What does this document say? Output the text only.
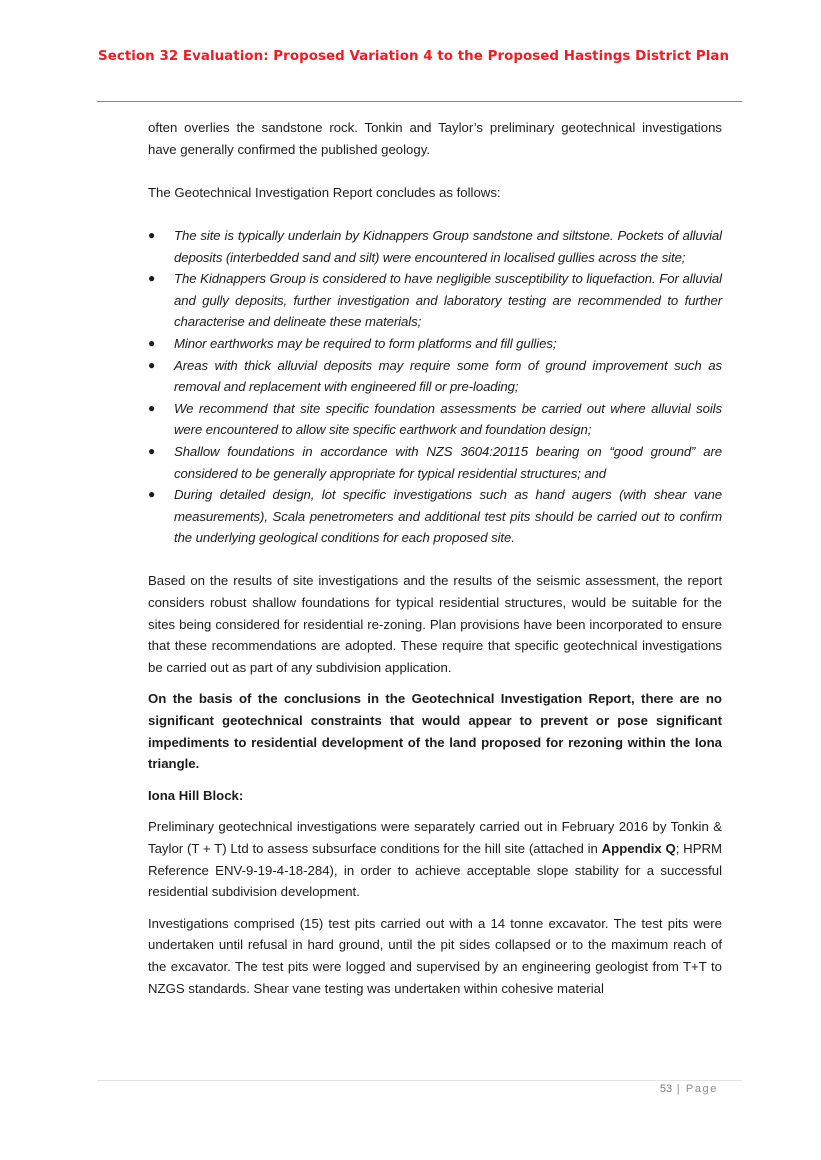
Section 32 Evaluation: Proposed Variation 4 to the Proposed Hastings District Plan

often overlies the sandstone rock. Tonkin and Taylor’s preliminary geotechnical investigations have generally confirmed the published geology.

The Geotechnical Investigation Report concludes as follows:

● The site is typically underlain by Kidnappers Group sandstone and siltstone. Pockets of alluvial deposits (interbedded sand and silt) were encountered in localised gullies across the site;
● The Kidnappers Group is considered to have negligible susceptibility to liquefaction. For alluvial and gully deposits, further investigation and laboratory testing are recommended to further characterise and delineate these materials;
● Minor earthworks may be required to form platforms and fill gullies;
● Areas with thick alluvial deposits may require some form of ground improvement such as removal and replacement with engineered fill or pre-loading;
● We recommend that site specific foundation assessments be carried out where alluvial soils were encountered to allow site specific earthwork and foundation design;
● Shallow foundations in accordance with NZS 3604:20115 bearing on “good ground” are considered to be generally appropriate for typical residential structures; and
● During detailed design, lot specific investigations such as hand augers (with shear vane measurements), Scala penetrometers and additional test pits should be carried out to confirm the underlying geological conditions for each proposed site.

Based on the results of site investigations and the results of the seismic assessment, the report considers robust shallow foundations for typical residential structures, would be suitable for the sites being considered for residential re-zoning. Plan provisions have been incorporated to ensure that these recommendations are adopted. These require that specific geotechnical investigations be carried out as part of any subdivision application.

On the basis of the conclusions in the Geotechnical Investigation Report, there are no significant geotechnical constraints that would appear to prevent or pose significant impediments to residential development of the land proposed for rezoning within the Iona triangle.

Iona Hill Block:

Preliminary geotechnical investigations were separately carried out in February 2016 by Tonkin & Taylor (T + T) Ltd to assess subsurface conditions for the hill site (attached in Appendix Q; HPRM Reference ENV-9-19-4-18-284), in order to achieve acceptable slope stability for a successful residential subdivision development.

Investigations comprised (15) test pits carried out with a 14 tonne excavator. The test pits were undertaken until refusal in hard ground, until the pit sides collapsed or to the maximum reach of the excavator. The test pits were logged and supervised by an engineering geologist from T+T to NZGS standards. Shear vane testing was undertaken within cohesive material

53 | Page
